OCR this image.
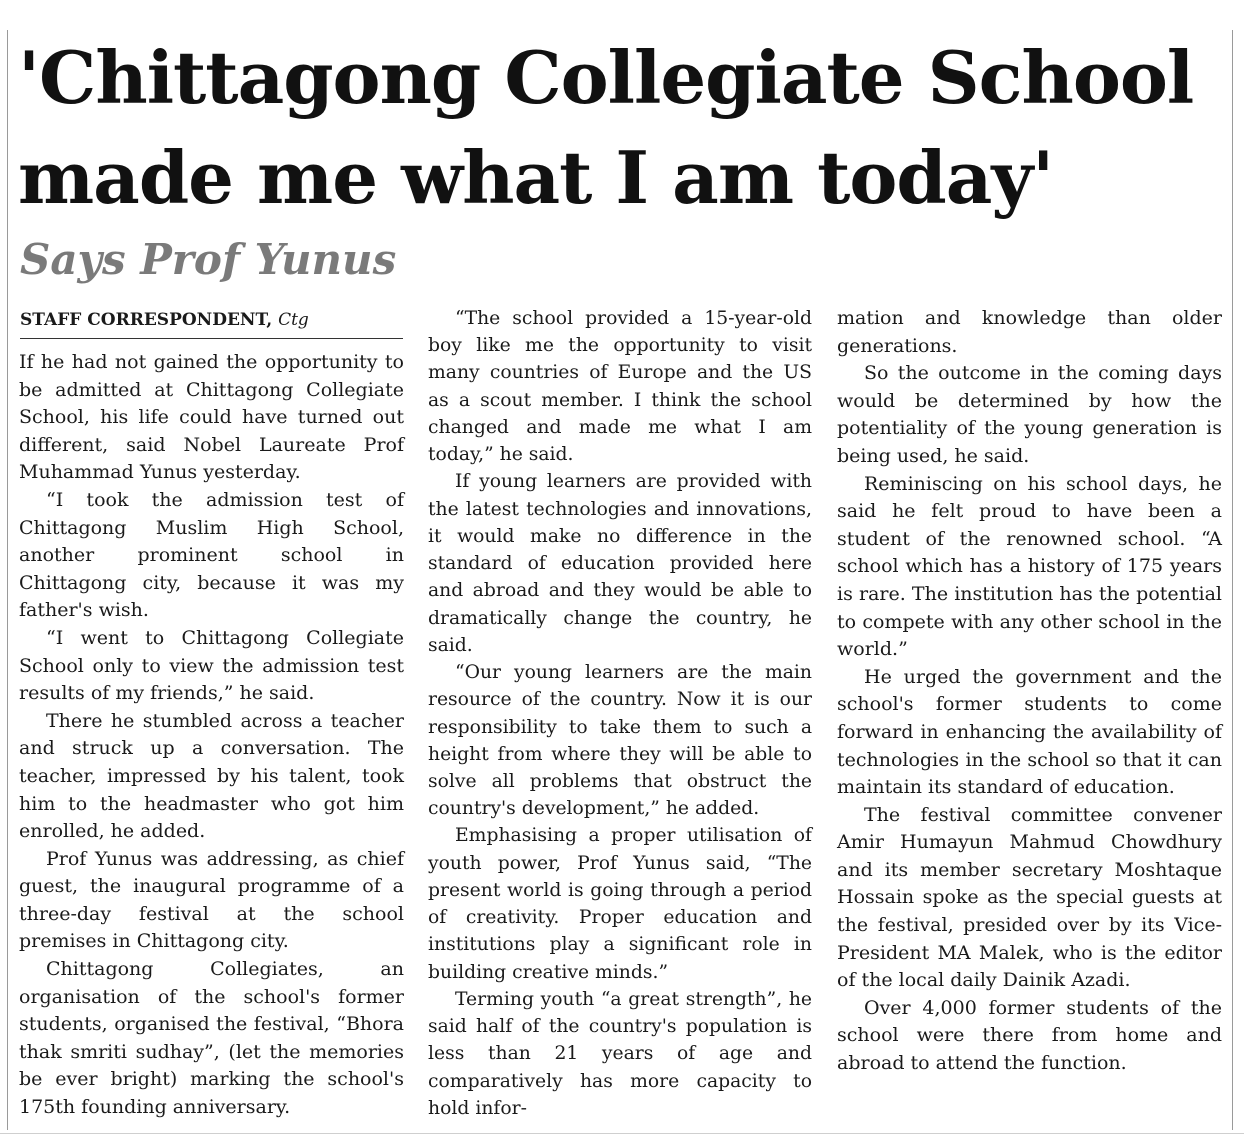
'Chittagong Collegiate School
made me what I am today'
Says Prof Yunus
STAFF CORRESPONDENT, Ctg

If he had not gained the opportunity to be admitted at Chittagong Collegiate School, his life could have turned out different, said Nobel Laureate Prof Muhammad Yunus yesterday.

“I took the admission test of Chittagong Muslim High School, another prominent school in Chittagong city, because it was my father's wish.

“I went to Chittagong Collegiate School only to view the admission test results of my friends,” he said.

There he stumbled across a teacher and struck up a conversation. The teacher, impressed by his talent, took him to the headmaster who got him enrolled, he added.

Prof Yunus was addressing, as chief guest, the inaugural programme of a three-day festival at the school premises in Chittagong city.

Chittagong Collegiates, an organisation of the school's former students, organised the festival, “Bhora thak smriti sudhay”, (let the memories be ever bright) marking the school's 175th founding anniversary.

“The school provided a 15-year-old boy like me the opportunity to visit many countries of Europe and the US as a scout member. I think the school changed and made me what I am today,” he said.

If young learners are provided with the latest technologies and innovations, it would make no difference in the standard of education provided here and abroad and they would be able to dramatically change the country, he said.

“Our young learners are the main resource of the country. Now it is our responsibility to take them to such a height from where they will be able to solve all problems that obstruct the country's development,” he added.

Emphasising a proper utilisation of youth power, Prof Yunus said, “The present world is going through a period of creativity. Proper education and institutions play a significant role in building creative minds.”

Terming youth “a great strength”, he said half of the country's population is less than 21 years of age and comparatively has more capacity to hold infor-

mation and knowledge than older generations.

So the outcome in the coming days would be determined by how the potentiality of the young generation is being used, he said.

Reminiscing on his school days, he said he felt proud to have been a student of the renowned school. “A school which has a history of 175 years is rare. The institution has the potential to compete with any other school in the world.”

He urged the government and the school's former students to come forward in enhancing the availability of technologies in the school so that it can maintain its standard of education.

The festival committee convener Amir Humayun Mahmud Chowdhury and its member secretary Moshtaque Hossain spoke as the special guests at the festival, presided over by its Vice-President MA Malek, who is the editor of the local daily Dainik Azadi.

Over 4,000 former students of the school were there from home and abroad to attend the function.
